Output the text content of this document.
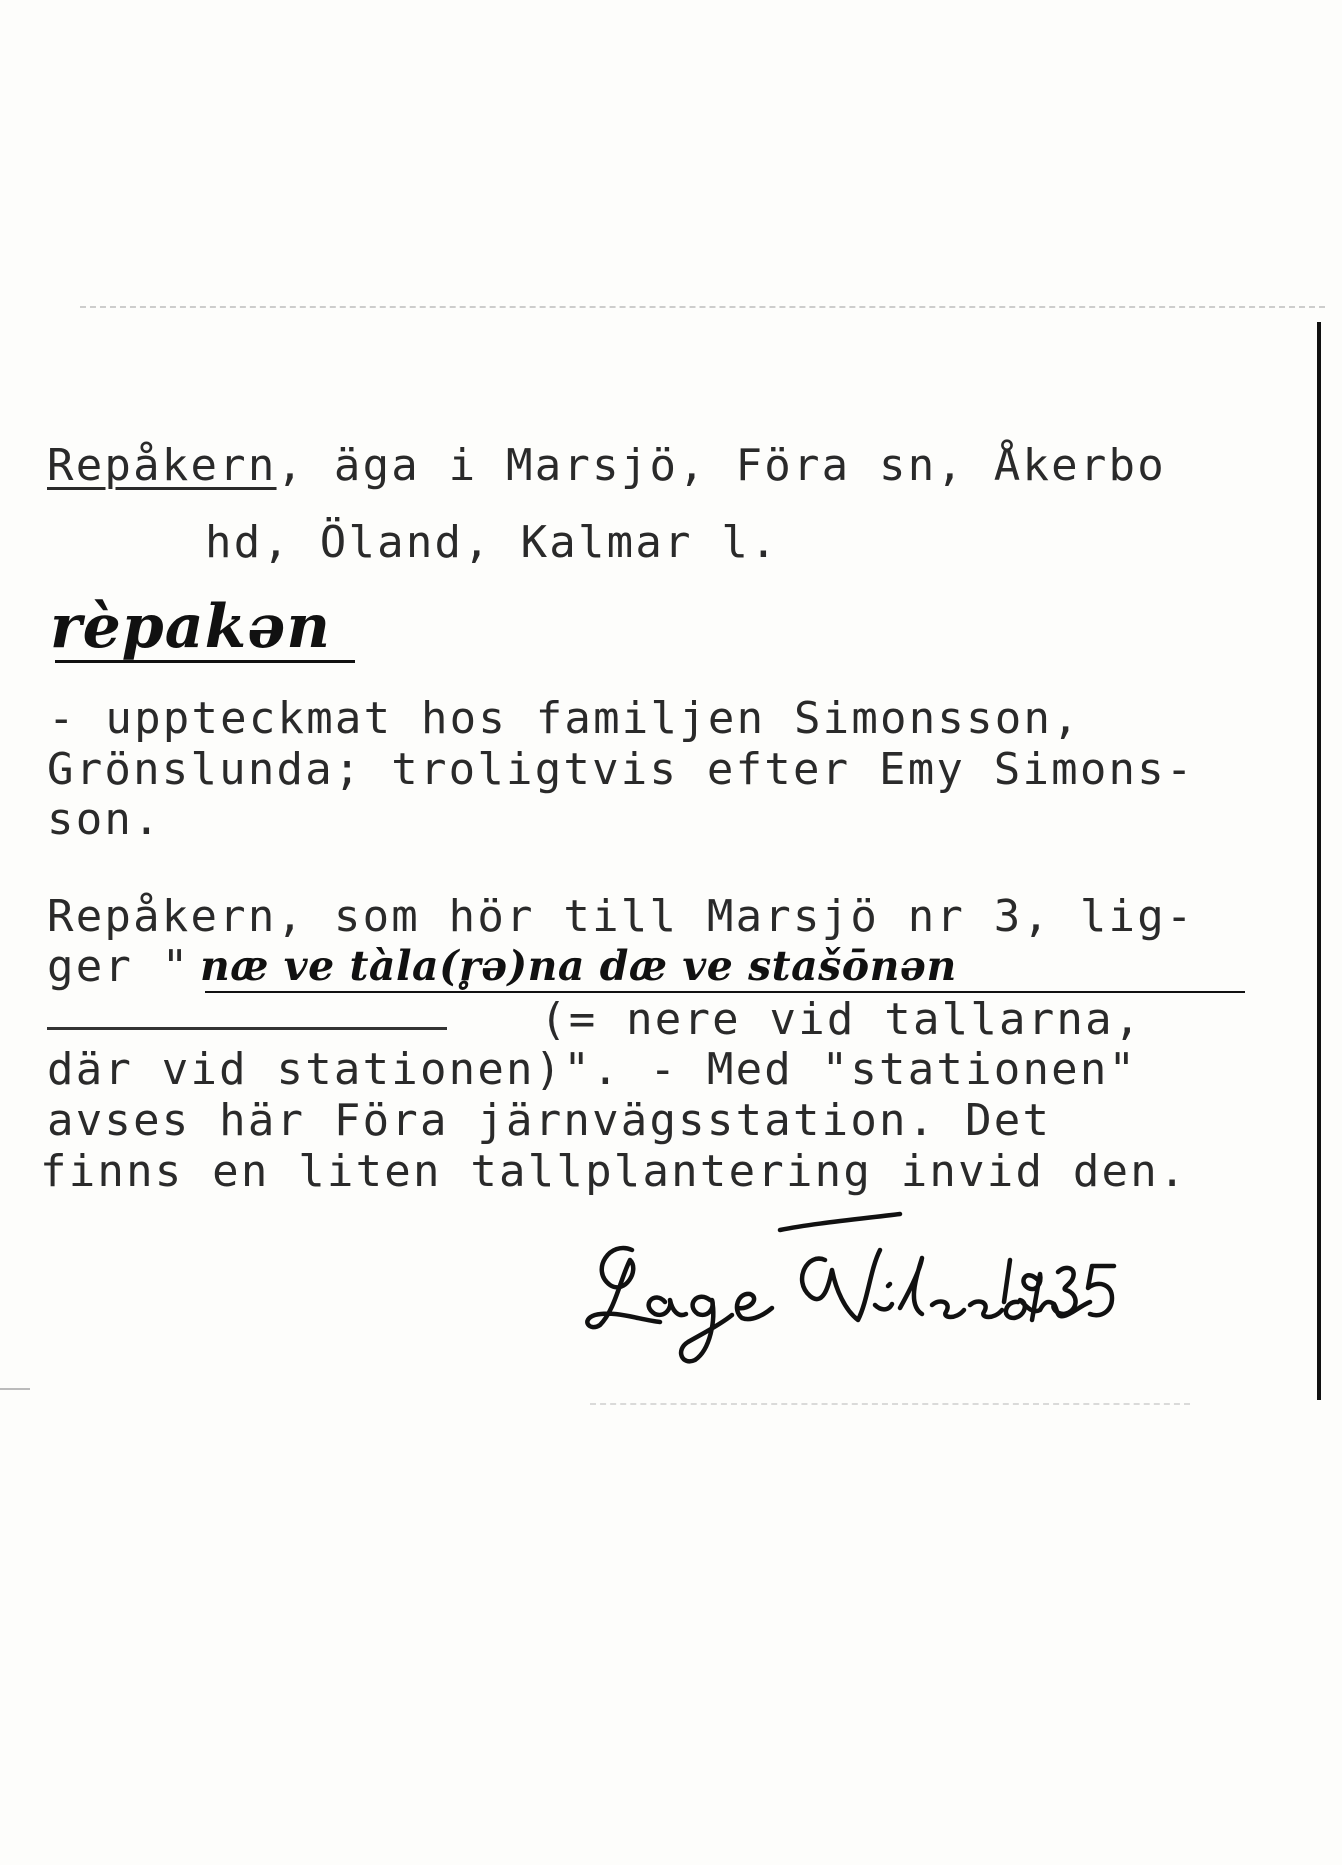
Repåkern, äga i Marsjö, Föra sn, Åkerbo
hd, Öland, Kalmar l.
rèpakən
- uppteckmat hos familjen Simonsson,
Grönslunda; troligtvis efter Emy Simons-
son.
Repåkern, som hör till Marsjö nr 3, lig-
ger " næ ve tàla(r̥ə)na dæ ve stašōnən
(= nere vid tallarna,
där vid stationen)". - Med "stationen"
avses här Föra järnvägsstation. Det
finns en liten tallplantering invid den.
